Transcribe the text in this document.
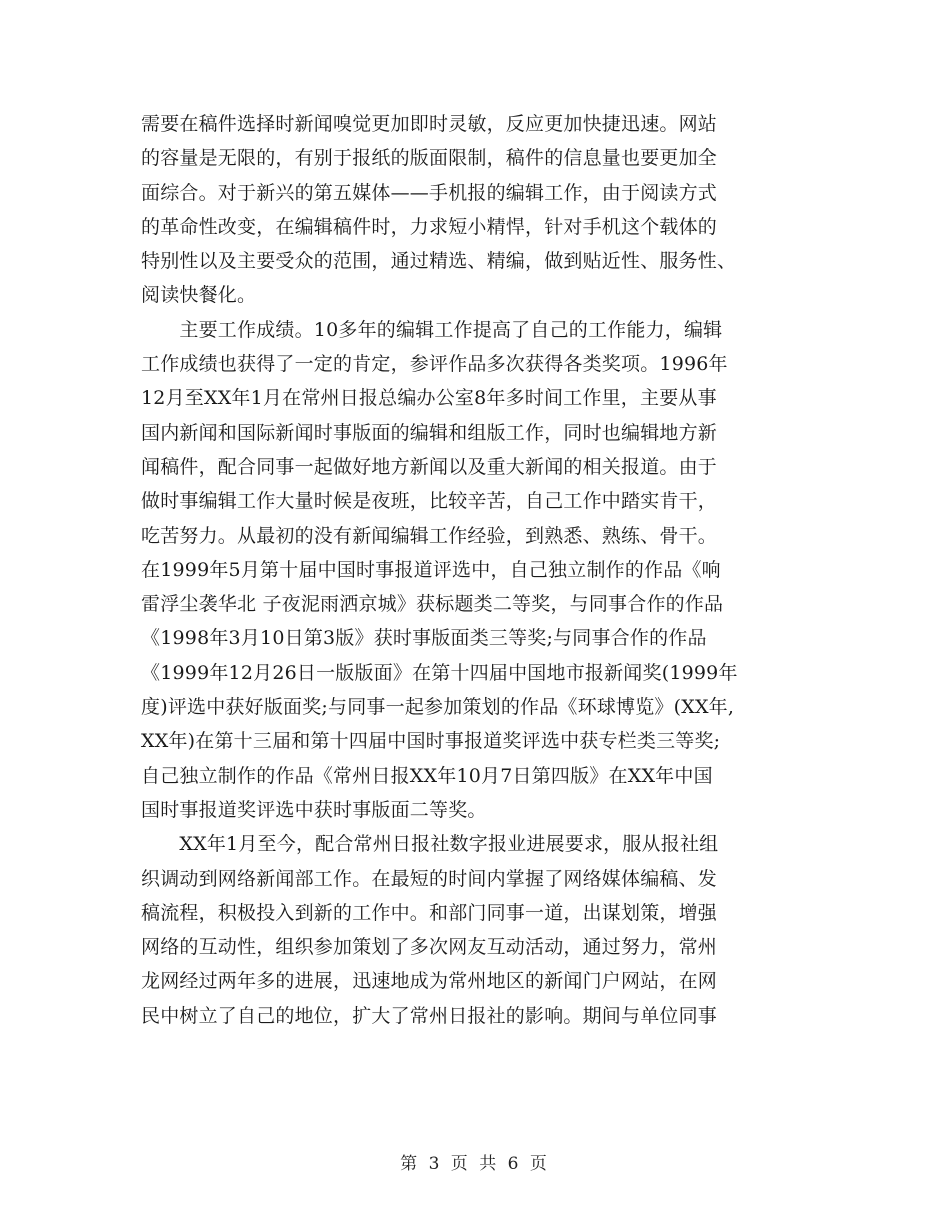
需要在稿件选择时新闻嗅觉更加即时灵敏，反应更加快捷迅速。网站
的容量是无限的，有别于报纸的版面限制，稿件的信息量也要更加全
面综合。对于新兴的第五媒体——手机报的编辑工作，由于阅读方式
的革命性改变，在编辑稿件时，力求短小精悍，针对手机这个载体的
特别性以及主要受众的范围，通过精选、精编，做到贴近性、服务性、
阅读快餐化。
　　主要工作成绩。10多年的编辑工作提高了自己的工作能力，编辑
工作成绩也获得了一定的肯定，参评作品多次获得各类奖项。1996年
12月至XX年1月在常州日报总编办公室8年多时间工作里，主要从事
国内新闻和国际新闻时事版面的编辑和组版工作，同时也编辑地方新
闻稿件，配合同事一起做好地方新闻以及重大新闻的相关报道。由于
做时事编辑工作大量时候是夜班，比较辛苦，自己工作中踏实肯干，
吃苦努力。从最初的没有新闻编辑工作经验，到熟悉、熟练、骨干。
在1999年5月第十届中国时事报道评选中，自己独立制作的作品《响
雷浮尘袭华北 子夜泥雨洒京城》获标题类二等奖，与同事合作的作品
《1998年3月10日第3版》获时事版面类三等奖;与同事合作的作品
《1999年12月26日一版版面》在第十四届中国地市报新闻奖(1999年
度)评选中获好版面奖;与同事一起参加策划的作品《环球博览》(XX年,
XX年)在第十三届和第十四届中国时事报道奖评选中获专栏类三等奖;
自己独立制作的作品《常州日报XX年10月7日第四版》在XX年中国
国时事报道奖评选中获时事版面二等奖。
　　XX年1月至今，配合常州日报社数字报业进展要求，服从报社组
织调动到网络新闻部工作。在最短的时间内掌握了网络媒体编稿、发
稿流程，积极投入到新的工作中。和部门同事一道，出谋划策，增强
网络的互动性，组织参加策划了多次网友互动活动，通过努力，常州
龙网经过两年多的进展，迅速地成为常州地区的新闻门户网站，在网
民中树立了自己的地位，扩大了常州日报社的影响。期间与单位同事
第 3 页 共 6 页
